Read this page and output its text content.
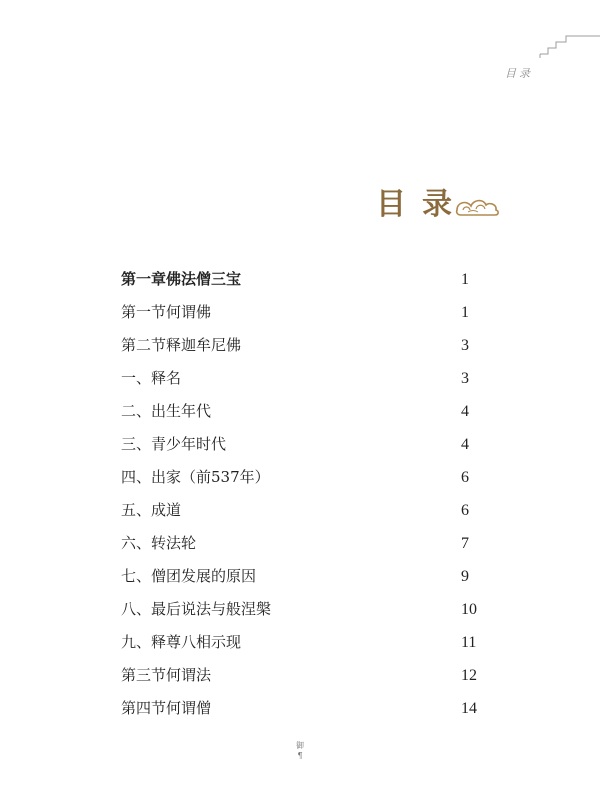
目录
目录
第一章佛法僧三宝	1
第一节何谓佛	1
第二节释迦牟尼佛	3
一、释名	3
二、出生年代	4
三、青少年时代	4
四、出家（前537年）	6
五、成道	6
六、转法轮	7
七、僧团发展的原因	9
八、最后说法与般涅槃	10
九、释尊八相示现	11
第三节何谓法	12
第四节何谓僧	14
御
¶
